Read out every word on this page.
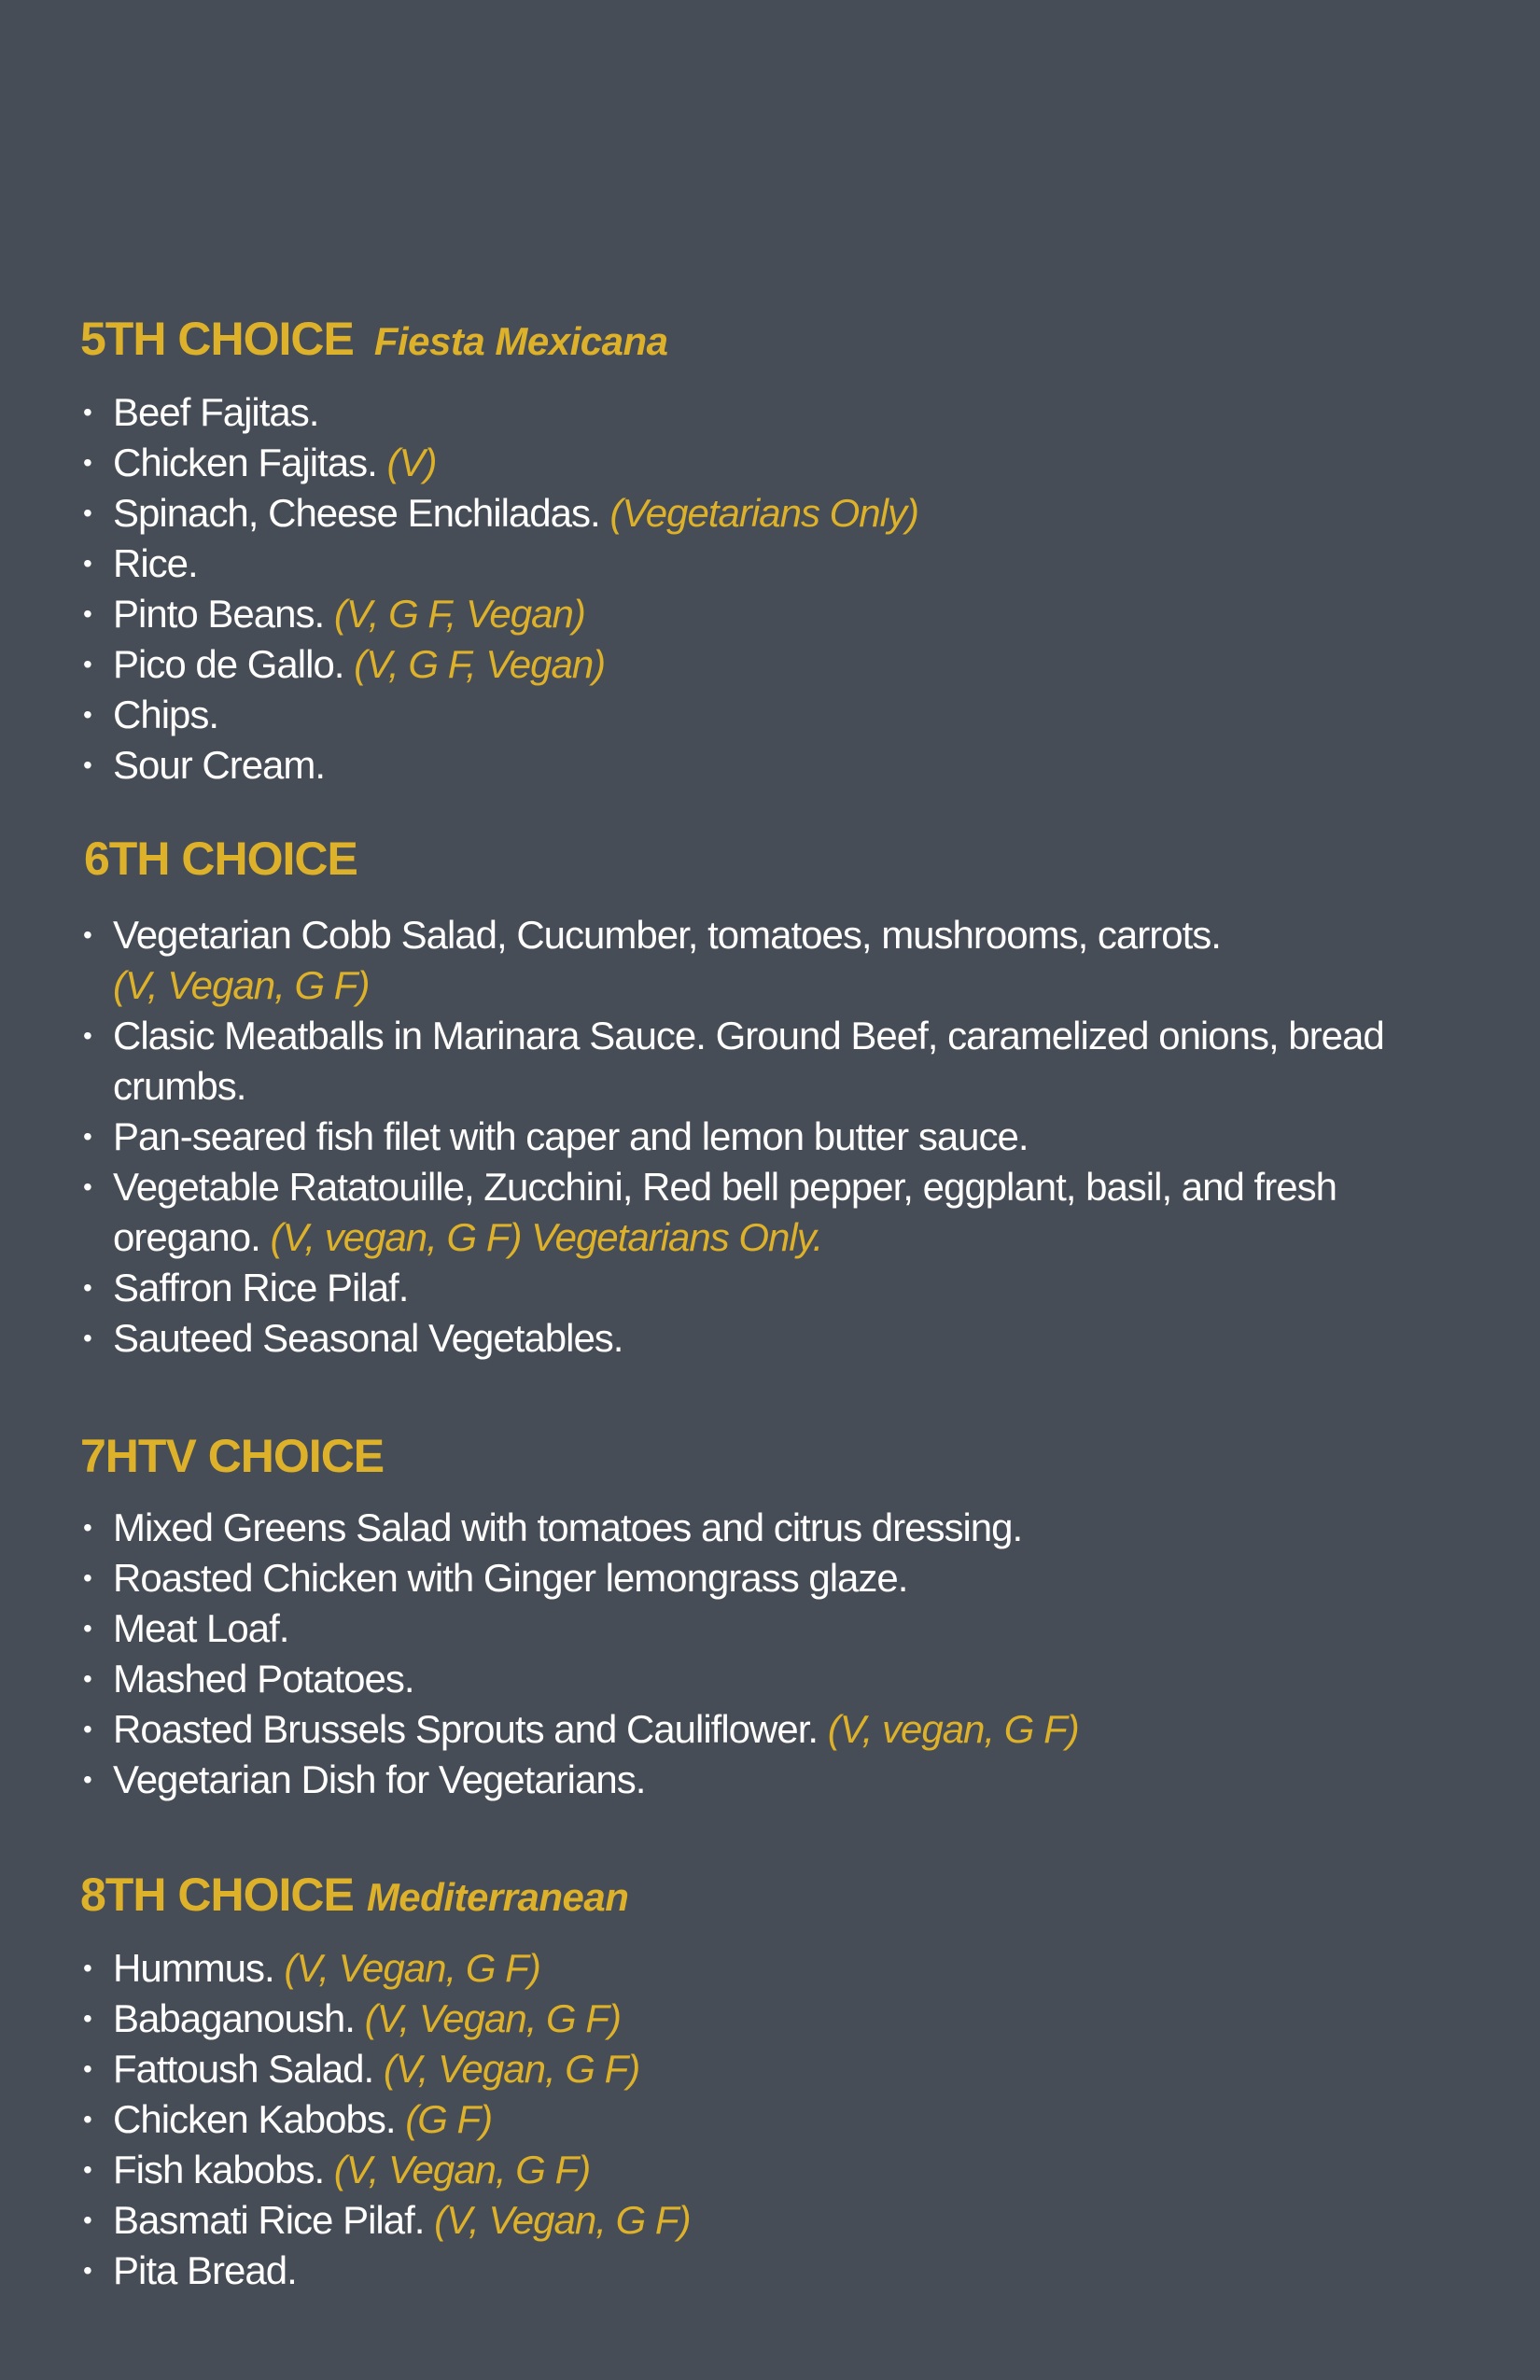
5TH CHOICE Fiesta Mexicana
• Beef Fajitas.
• Chicken Fajitas. (V)
• Spinach, Cheese Enchiladas. (Vegetarians Only)
• Rice.
• Pinto Beans. (V, G F, Vegan)
• Pico de Gallo. (V, G F, Vegan)
• Chips.
• Sour Cream.
6TH CHOICE
• Vegetarian Cobb Salad, Cucumber, tomatoes, mushrooms, carrots.
(V, Vegan, G F)
• Clasic Meatballs in Marinara Sauce. Ground Beef, caramelized onions, bread crumbs.
• Pan-seared fish filet with caper and lemon butter sauce.
• Vegetable Ratatouille, Zucchini, Red bell pepper, eggplant, basil, and fresh oregano. (V, vegan, G F) Vegetarians Only.
• Saffron Rice Pilaf.
• Sauteed Seasonal Vegetables.
7HTV CHOICE
• Mixed Greens Salad with tomatoes and citrus dressing.
• Roasted Chicken with Ginger lemongrass glaze.
• Meat Loaf.
• Mashed Potatoes.
• Roasted Brussels Sprouts and Cauliflower. (V, vegan, G F)
• Vegetarian Dish for Vegetarians.
8TH CHOICE Mediterranean
• Hummus. (V, Vegan, G F)
• Babaganoush. (V, Vegan, G F)
• Fattoush Salad. (V, Vegan, G F)
• Chicken Kabobs. (G F)
• Fish kabobs. (V, Vegan, G F)
• Basmati Rice Pilaf. (V, Vegan, G F)
• Pita Bread.
